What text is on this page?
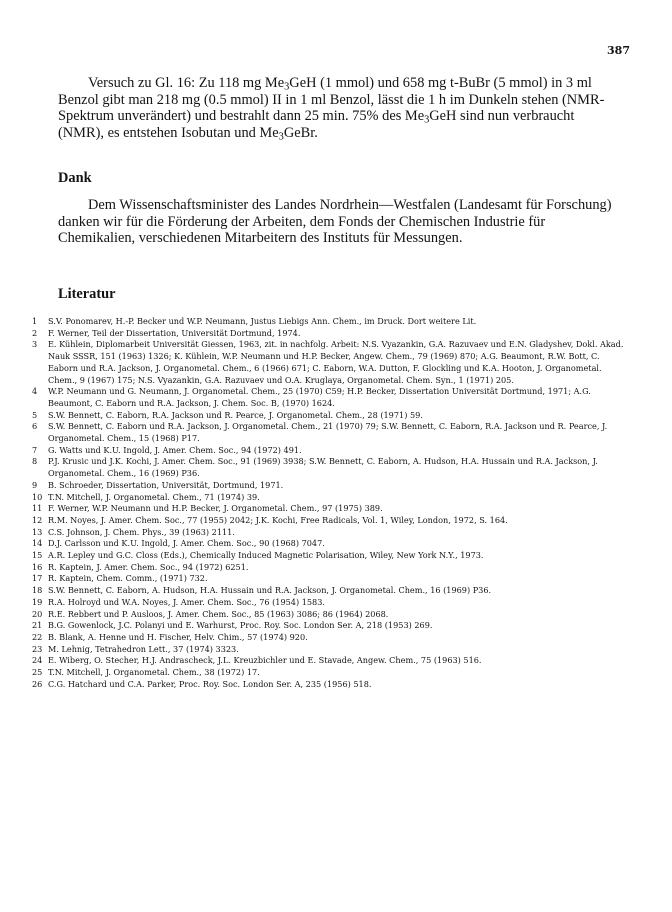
387

Versuch zu Gl. 16: Zu 118 mg $Me_3GeH$ (1 mmol) und 658 mg t-BuBr (5 mmol) in 3 ml Benzol gibt man 218 mg (0.5 mmol) II in 1 ml Benzol, lässt die 1 h im Dunkeln stehen (NMR-Spektrum unverändert) und bestrahlt dann 25 min. 75% des $Me_3GeH$ sind nun verbraucht (NMR), es entstehen Isobutan und $Me_3GeBr$.

Dank

Dem Wissenschaftsminister des Landes Nordrhein—Westfalen (Landesamt für Forschung) danken wir für die Förderung der Arbeiten, dem Fonds der Chemischen Industrie für Chemikalien, verschiedenen Mitarbeitern des Instituts für Messungen.

Literatur
1	S.V. Ponomarev, H.-P. Becker und W.P. Neumann, Justus Liebigs Ann. Chem., im Druck. Dort weitere Lit.
2	F. Werner, Teil der Dissertation, Universität Dortmund, 1974.
3	E. Kühlein, Diplomarbeit Universität Giessen, 1963, zit. in nachfolg. Arbeit: N.S. Vyazankin, G.A. Razuvaev und E.N. Gladyshev, Dokl. Akad. Nauk SSSR, 151 (1963) 1326; K. Kühlein, W.P. Neumann und H.P. Becker, Angew. Chem., 79 (1969) 870; A.G. Beaumont, R.W. Bott, C. Eaborn und R.A. Jackson, J. Organometal. Chem., 6 (1966) 671; C. Eaborn, W.A. Dutton, F. Glockling und K.A. Hooton, J. Organometal. Chem., 9 (1967) 175; N.S. Vyazankin, G.A. Razuvaev und O.A. Kruglaya, Organometal. Chem. Syn., 1 (1971) 205.
4	W.P. Neumann und G. Neumann, J. Organometal. Chem., 25 (1970) C59; H.P. Becker, Dissertation Universität Dortmund, 1971; A.G. Beaumont, C. Eaborn und R.A. Jackson, J. Chem. Soc. B, (1970) 1624.
5	S.W. Bennett, C. Eaborn, R.A. Jackson und R. Pearce, J. Organometal. Chem., 28 (1971) 59.
6	S.W. Bennett, C. Eaborn und R.A. Jackson, J. Organometal. Chem., 21 (1970) 79; S.W. Bennett, C. Eaborn, R.A. Jackson und R. Pearce, J. Organometal. Chem., 15 (1968) P17.
7	G. Watts und K.U. Ingold, J. Amer. Chem. Soc., 94 (1972) 491.
8	P.J. Krusic und J.K. Kochi, J. Amer. Chem. Soc., 91 (1969) 3938; S.W. Bennett, C. Eaborn, A. Hudson, H.A. Hussain und R.A. Jackson, J. Organometal. Chem., 16 (1969) P36.
9	B. Schroeder, Dissertation, Universität, Dortmund, 1971.
10 T.N. Mitchell, J. Organometal. Chem., 71 (1974) 39.
11 F. Werner, W.P. Neumann und H.P. Becker, J. Organometal. Chem., 97 (1975) 389.
12 R.M. Noyes, J. Amer. Chem. Soc., 77 (1955) 2042; J.K. Kochi, Free Radicals, Vol. 1, Wiley, London, 1972, S. 164.
13 C.S. Johnson, J. Chem. Phys., 39 (1963) 2111.
14 D.J. Carlsson und K.U. Ingold, J. Amer. Chem. Soc., 90 (1968) 7047.
15 A.R. Lepley und G.C. Closs (Eds.), Chemically Induced Magnetic Polarisation, Wiley, New York N.Y., 1973.
16 R. Kaptein, J. Amer. Chem. Soc., 94 (1972) 6251.
17 R. Kaptein, Chem. Comm., (1971) 732.
18 S.W. Bennett, C. Eaborn, A. Hudson, H.A. Hussain und R.A. Jackson, J. Organometal. Chem., 16 (1969) P36.
19 R.A. Holroyd und W.A. Noyes, J. Amer. Chem. Soc., 76 (1954) 1583.
20 R.E. Rebbert und P. Ausloos, J. Amer. Chem. Soc., 85 (1963) 3086; 86 (1964) 2068.
21 B.G. Gowenlock, J.C. Polanyi und E. Warhurst, Proc. Roy. Soc. London Ser. A, 218 (1953) 269.
22 B. Blank, A. Henne und H. Fischer, Helv. Chim., 57 (1974) 920.
23 M. Lehnig, Tetrahedron Lett., 37 (1974) 3323.
24 E. Wiberg, O. Stecher, H.J. Andrascheck, J.L. Kreuzbichler und E. Stavade, Angew. Chem., 75 (1963) 516.
25 T.N. Mitchell, J. Organometal. Chem., 38 (1972) 17.
26 C.G. Hatchard und C.A. Parker, Proc. Roy. Soc. London Ser. A, 235 (1956) 518.
